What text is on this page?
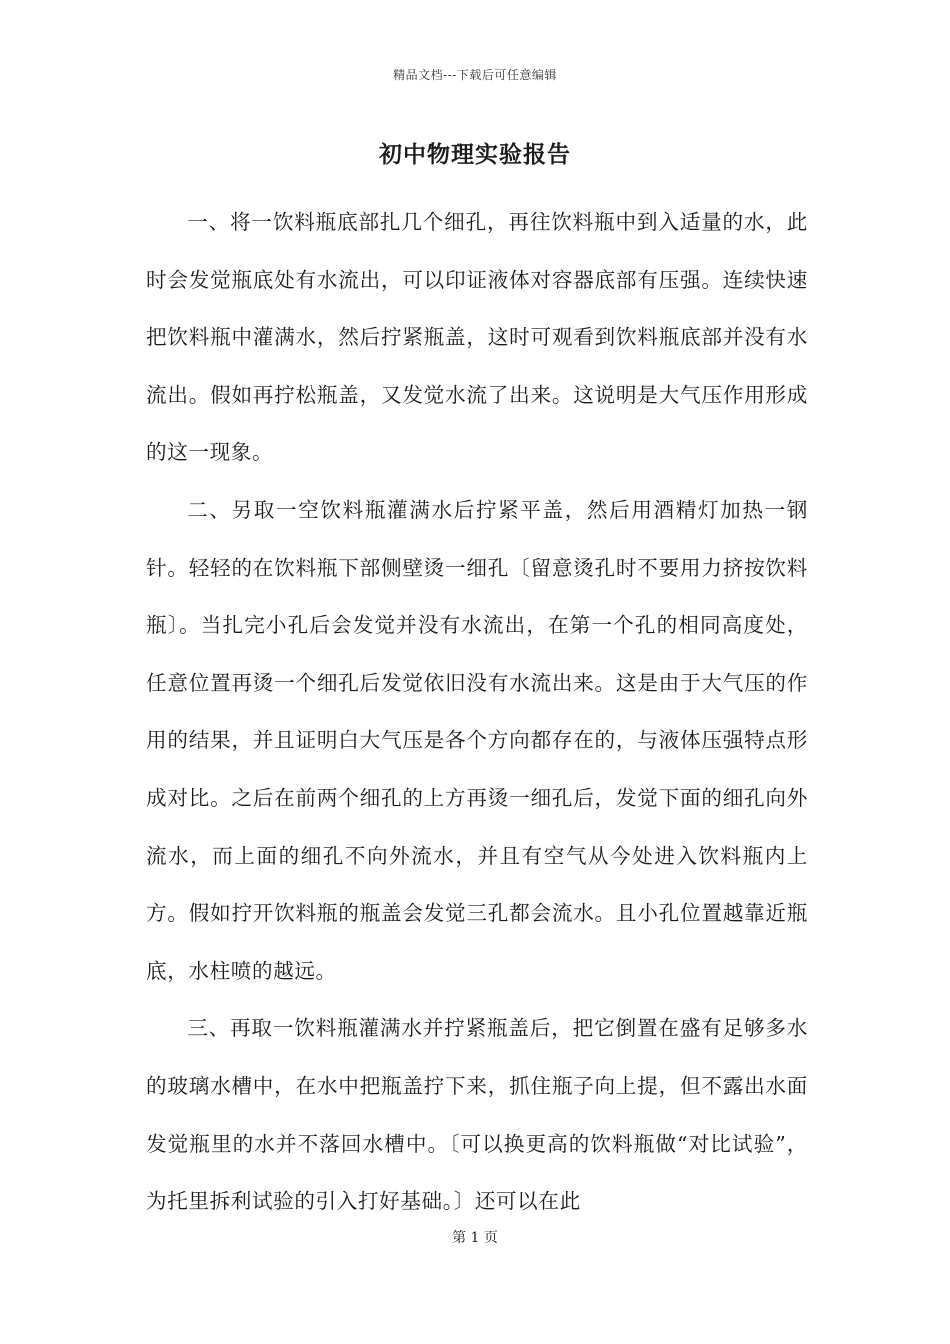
精品文档---下载后可任意编辑
初中物理实验报告

一、将一饮料瓶底部扎几个细孔，再往饮料瓶中到入适量的水，此时会发觉瓶底处有水流出，可以印证液体对容器底部有压强。连续快速把饮料瓶中灌满水，然后拧紧瓶盖，这时可观看到饮料瓶底部并没有水流出。假如再拧松瓶盖，又发觉水流了出来。这说明是大气压作用形成的这一现象。

二、另取一空饮料瓶灌满水后拧紧平盖，然后用酒精灯加热一钢针。轻轻的在饮料瓶下部侧壁烫一细孔〔留意烫孔时不要用力挤按饮料瓶〕。当扎完小孔后会发觉并没有水流出，在第一个孔的相同高度处，任意位置再烫一个细孔后发觉依旧没有水流出来。这是由于大气压的作用的结果，并且证明白大气压是各个方向都存在的，与液体压强特点形成对比。之后在前两个细孔的上方再烫一细孔后，发觉下面的细孔向外流水，而上面的细孔不向外流水，并且有空气从今处进入饮料瓶内上方。假如拧开饮料瓶的瓶盖会发觉三孔都会流水。且小孔位置越靠近瓶底，水柱喷的越远。

三、再取一饮料瓶灌满水并拧紧瓶盖后，把它倒置在盛有足够多水的玻璃水槽中，在水中把瓶盖拧下来，抓住瓶子向上提，但不露出水面发觉瓶里的水并不落回水槽中。〔可以换更高的饮料瓶做“对比试验”，为托里拆利试验的引入打好基础。〕还可以在此

第 1 页
